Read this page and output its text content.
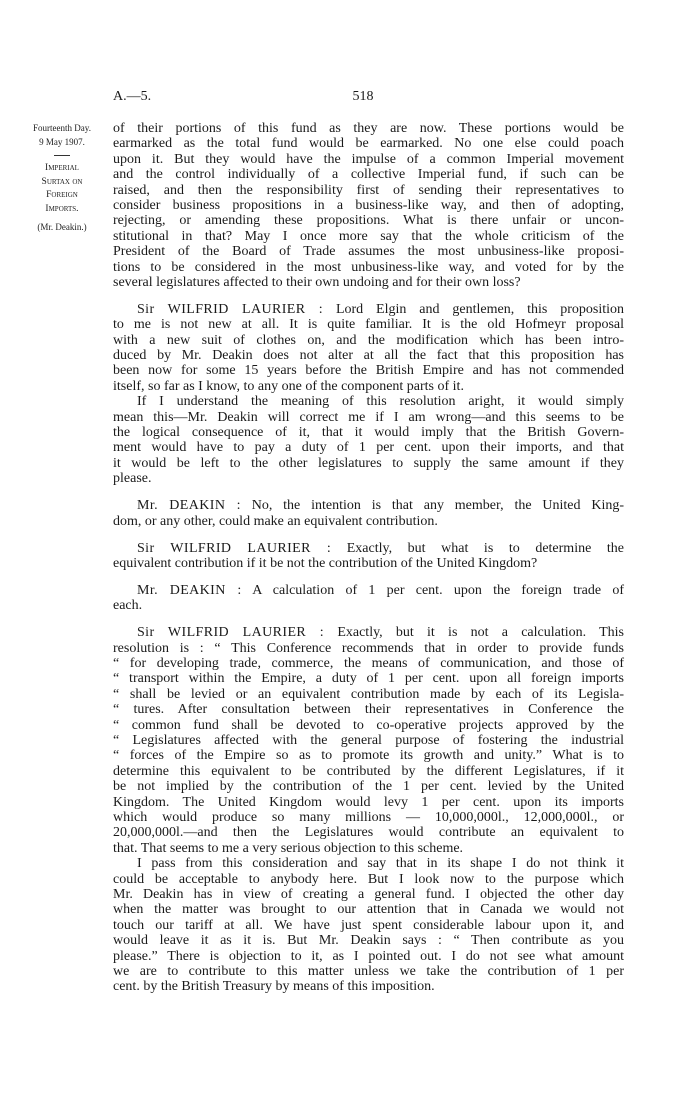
A.—5.	518
Fourteenth Day.
9 May 1907.
Imperial
Surtax on
Foreign
Imports.
(Mr. Deakin.)
of their portions of this fund as they are now. These portions would be
earmarked as the total fund would be earmarked. No one else could poach
upon it. But they would have the impulse of a common Imperial movement
and the control individually of a collective Imperial fund, if such can be
raised, and then the responsibility first of sending their representatives to
consider business propositions in a business-like way, and then of adopting,
rejecting, or amending these propositions. What is there unfair or uncon-
stitutional in that? May I once more say that the whole criticism of the
President of the Board of Trade assumes the most unbusiness-like proposi-
tions to be considered in the most unbusiness-like way, and voted for by the
several legislatures affected to their own undoing and for their own loss?
Sir WILFRID LAURIER : Lord Elgin and gentlemen, this proposition
to me is not new at all. It is quite familiar. It is the old Hofmeyr proposal
with a new suit of clothes on, and the modification which has been intro-
duced by Mr. Deakin does not alter at all the fact that this proposition has
been now for some 15 years before the British Empire and has not commended
itself, so far as I know, to any one of the component parts of it.
If I understand the meaning of this resolution aright, it would simply
mean this—Mr. Deakin will correct me if I am wrong—and this seems to be
the logical consequence of it, that it would imply that the British Govern-
ment would have to pay a duty of 1 per cent. upon their imports, and that
it would be left to the other legislatures to supply the same amount if they
please.
Mr. DEAKIN : No, the intention is that any member, the United King-
dom, or any other, could make an equivalent contribution.
Sir WILFRID LAURIER : Exactly, but what is to determine the
equivalent contribution if it be not the contribution of the United Kingdom?
Mr. DEAKIN : A calculation of 1 per cent. upon the foreign trade of
each.
Sir WILFRID LAURIER : Exactly, but it is not a calculation. This
resolution is : “ This Conference recommends that in order to provide funds
“ for developing trade, commerce, the means of communication, and those of
“ transport within the Empire, a duty of 1 per cent. upon all foreign imports
“ shall be levied or an equivalent contribution made by each of its Legisla-
“ tures. After consultation between their representatives in Conference the
“ common fund shall be devoted to co-operative projects approved by the
“ Legislatures affected with the general purpose of fostering the industrial
“ forces of the Empire so as to promote its growth and unity.” What is to
determine this equivalent to be contributed by the different Legislatures, if it
be not implied by the contribution of the 1 per cent. levied by the United
Kingdom. The United Kingdom would levy 1 per cent. upon its imports
which would produce so many millions — 10,000,000l., 12,000,000l., or
20,000,000l.—and then the Legislatures would contribute an equivalent to
that. That seems to me a very serious objection to this scheme.
I pass from this consideration and say that in its shape I do not think it
could be acceptable to anybody here. But I look now to the purpose which
Mr. Deakin has in view of creating a general fund. I objected the other day
when the matter was brought to our attention that in Canada we would not
touch our tariff at all. We have just spent considerable labour upon it, and
would leave it as it is. But Mr. Deakin says : “ Then contribute as you
please.” There is objection to it, as I pointed out. I do not see what amount
we are to contribute to this matter unless we take the contribution of 1 per
cent. by the British Treasury by means of this imposition.
